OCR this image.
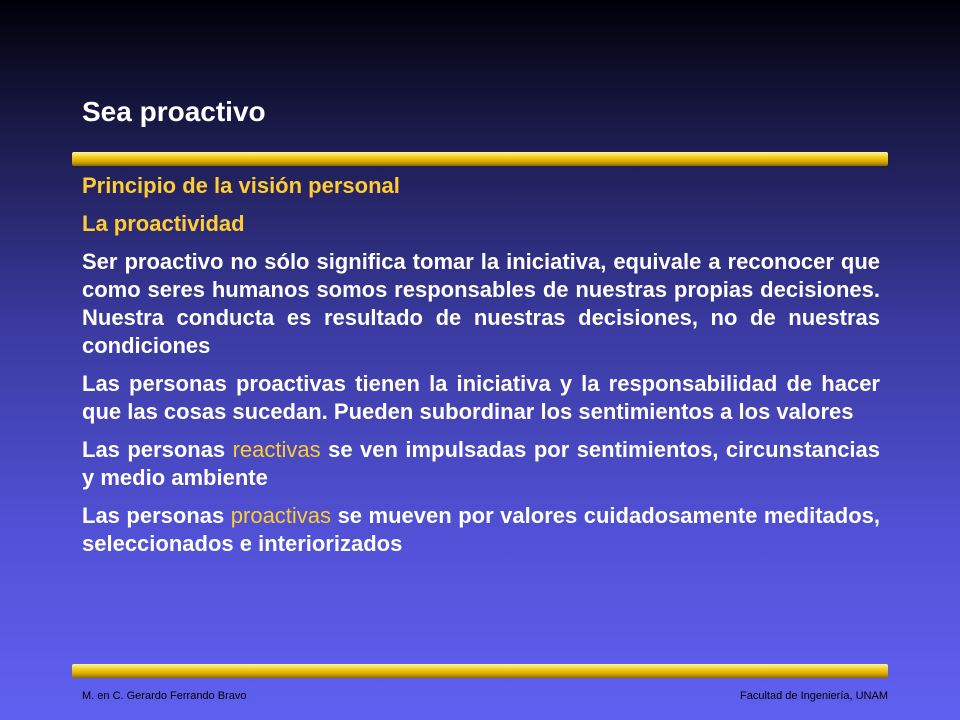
Sea proactivo

Principio de la visión personal

La proactividad

Ser proactivo no sólo significa tomar la iniciativa, equivale a reconocer que como seres humanos somos responsables de nuestras propias decisiones. Nuestra conducta es resultado de nuestras decisiones, no de nuestras condiciones

Las personas proactivas tienen la iniciativa y la responsabilidad de hacer que las cosas sucedan. Pueden subordinar los sentimientos a los valores

Las personas reactivas se ven impulsadas por sentimientos, circunstancias y medio ambiente

Las personas proactivas se mueven por valores cuidadosamente meditados, seleccionados e interiorizados

M. en C. Gerardo Ferrando Bravo	Facultad de Ingeniería, UNAM
